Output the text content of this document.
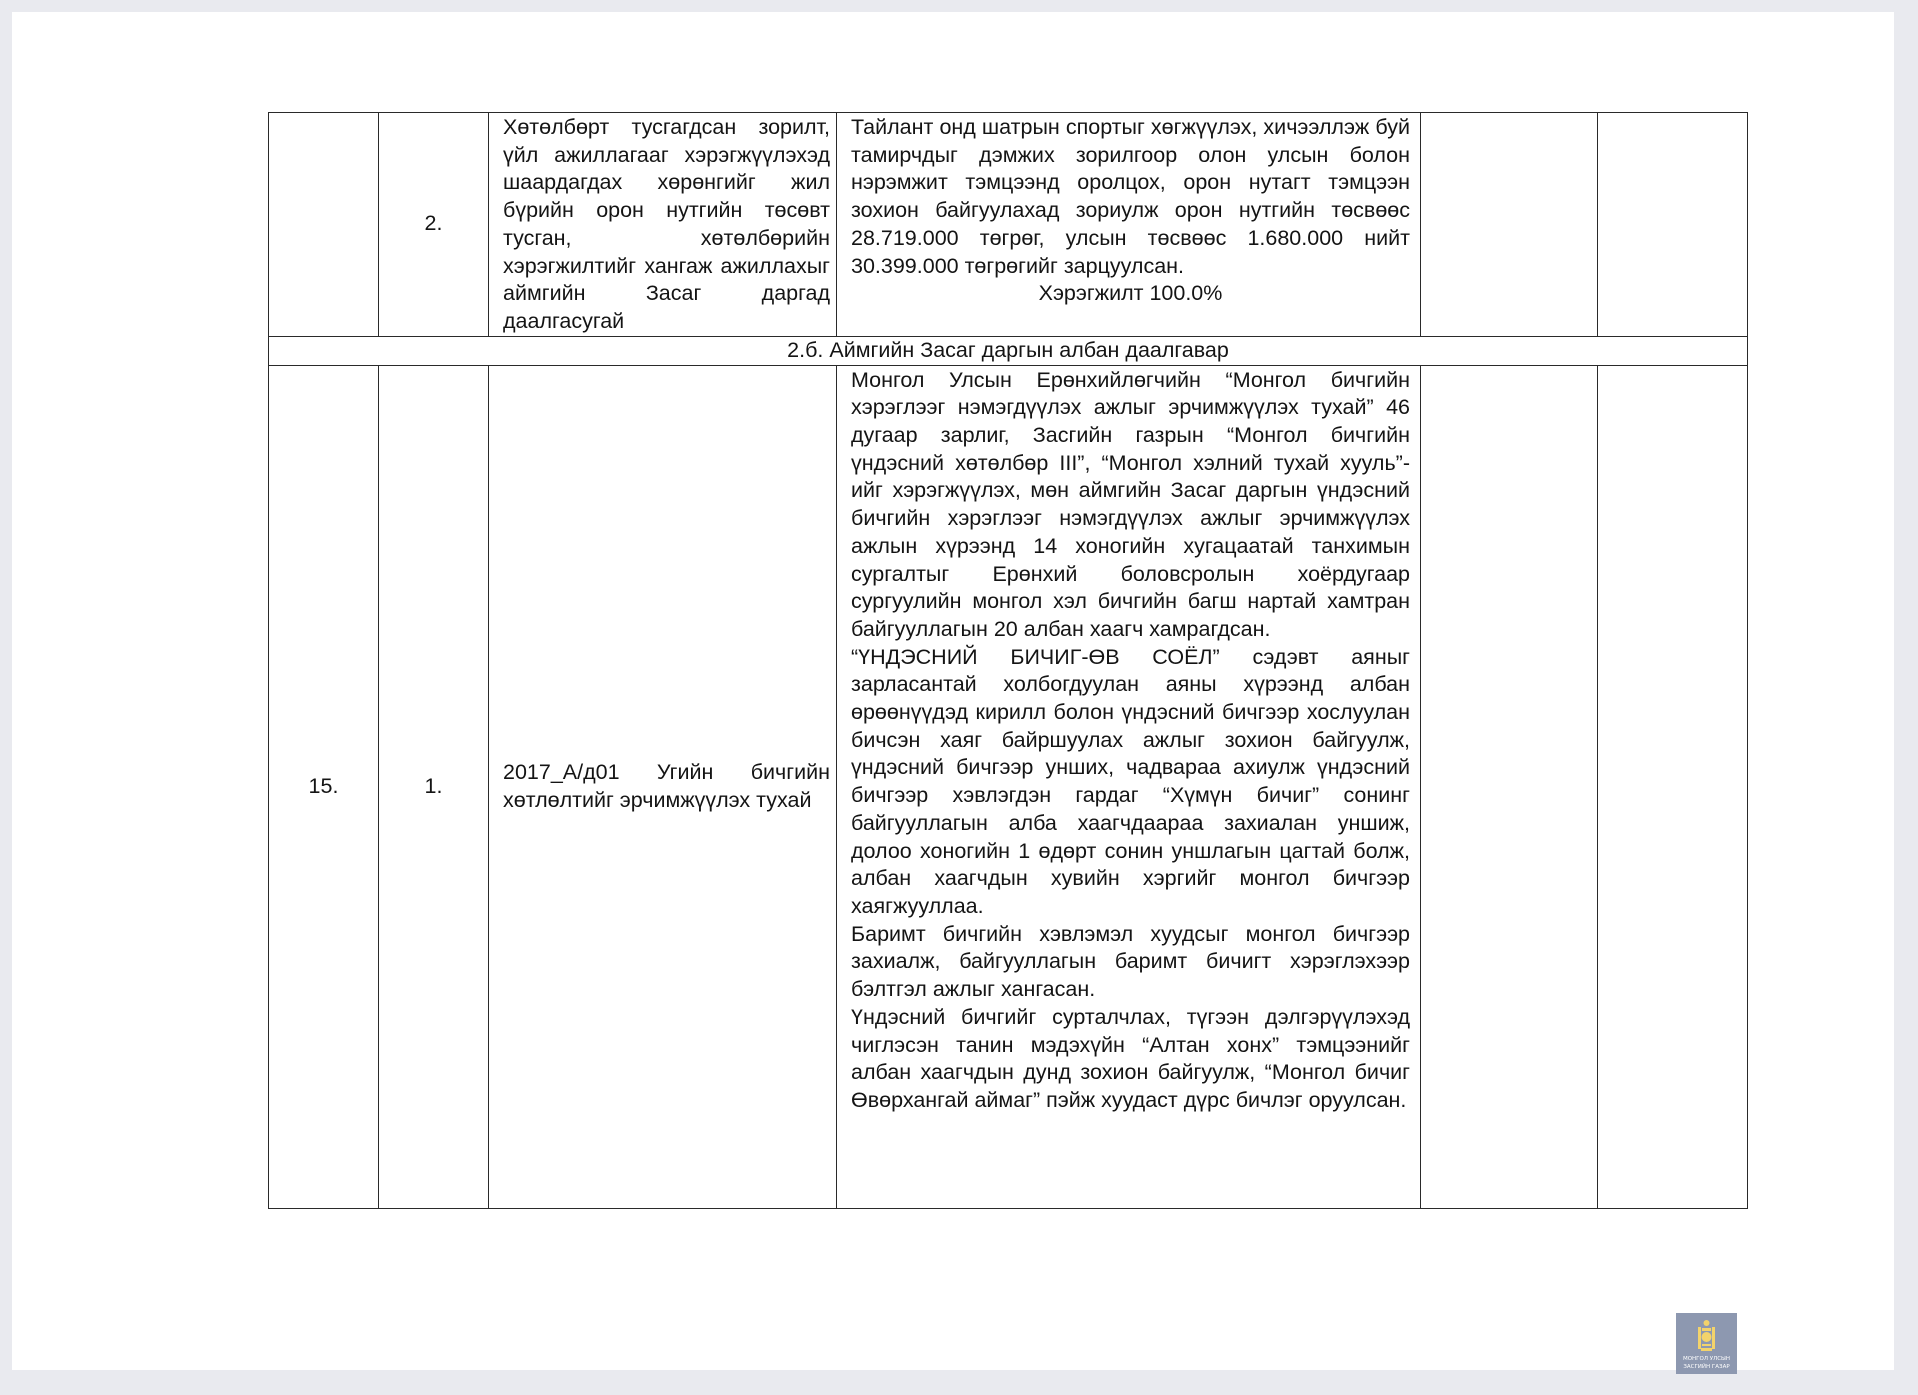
	2.	Хөтөлбөрт тусгагдсан зорилт, үйл ажиллагааг хэрэгжүүлэхэд шаардагдах хөрөнгийг жил бүрийн орон нутгийн төсөвт тусган, хөтөлбөрийн хэрэгжилтийг хангаж ажиллахыг аймгийн Засаг даргад даалгасугай	Тайлант онд шатрын спортыг хөгжүүлэх, хичээллэж буй тамирчдыг дэмжих зорилгоор олон улсын болон нэрэмжит тэмцээнд оролцох, орон нутагт тэмцээн зохион байгуулахад зориулж орон нутгийн төсвөөс 28.719.000 төгрөг, улсын төсвөөс 1.680.000 нийт 30.399.000 төгрөгийг зарцуулсан.

Хэрэгжилт 100.0%		

2.б. Аймгийн Засаг даргын албан даалгавар					
15.	1.	2017_А/д01 Угийн бичгийн хөтлөлтийг эрчимжүүлэх тухай	Монгол Улсын Ерөнхийлөгчийн “Монгол бичгийн хэрэглээг нэмэгдүүлэх ажлыг эрчимжүүлэх тухай” 46 дугаар зарлиг, Засгийн газрын “Монгол бичгийн үндэсний хөтөлбөр III”, “Монгол хэлний тухай хууль”-ийг хэрэгжүүлэх, мөн аймгийн Засаг даргын үндэсний бичгийн хэрэглээг нэмэгдүүлэх ажлыг эрчимжүүлэх ажлын хүрээнд 14 хоногийн хугацаатай танхимын сургалтыг Ерөнхий боловсролын хоёрдугаар сургуулийн монгол хэл бичгийн багш нартай хамтран байгууллагын 20 албан хаагч хамрагдсан.

“ҮНДЭСНИЙ БИЧИГ-ӨВ СОЁЛ” сэдэвт аяныг зарласантай холбогдуулан аяны хүрээнд албан өрөөнүүдэд кирилл болон үндэсний бичгээр хослуулан бичсэн хаяг байршуулах ажлыг зохион байгуулж, үндэсний бичгээр унших, чадвараа ахиулж үндэсний бичгээр хэвлэгдэн гардаг “Хүмүн бичиг” сонинг байгууллагын алба хаагчдаараа захиалан уншиж, долоо хоногийн 1 өдөрт сонин уншлагын цагтай болж, албан хаагчдын хувийн хэргийг монгол бичгээр хаягжууллаа.

Баримт бичгийн хэвлэмэл хуудсыг монгол бичгээр захиалж, байгууллагын баримт бичигт хэрэглэхээр бэлтгэл ажлыг хангасан.

Үндэсний бичгийг сурталчлах, түгээн дэлгэрүүлэхэд чиглэсэн танин мэдэхүйн “Алтан хонх” тэмцээнийг албан хаагчдын дунд зохион байгуулж, “Монгол бичиг Өвөрхангай аймаг” пэйж хуудаст дүрс бичлэг оруулсан.		

МОНГОЛ УЛСЫН
ЗАСГИЙН ГАЗАР
